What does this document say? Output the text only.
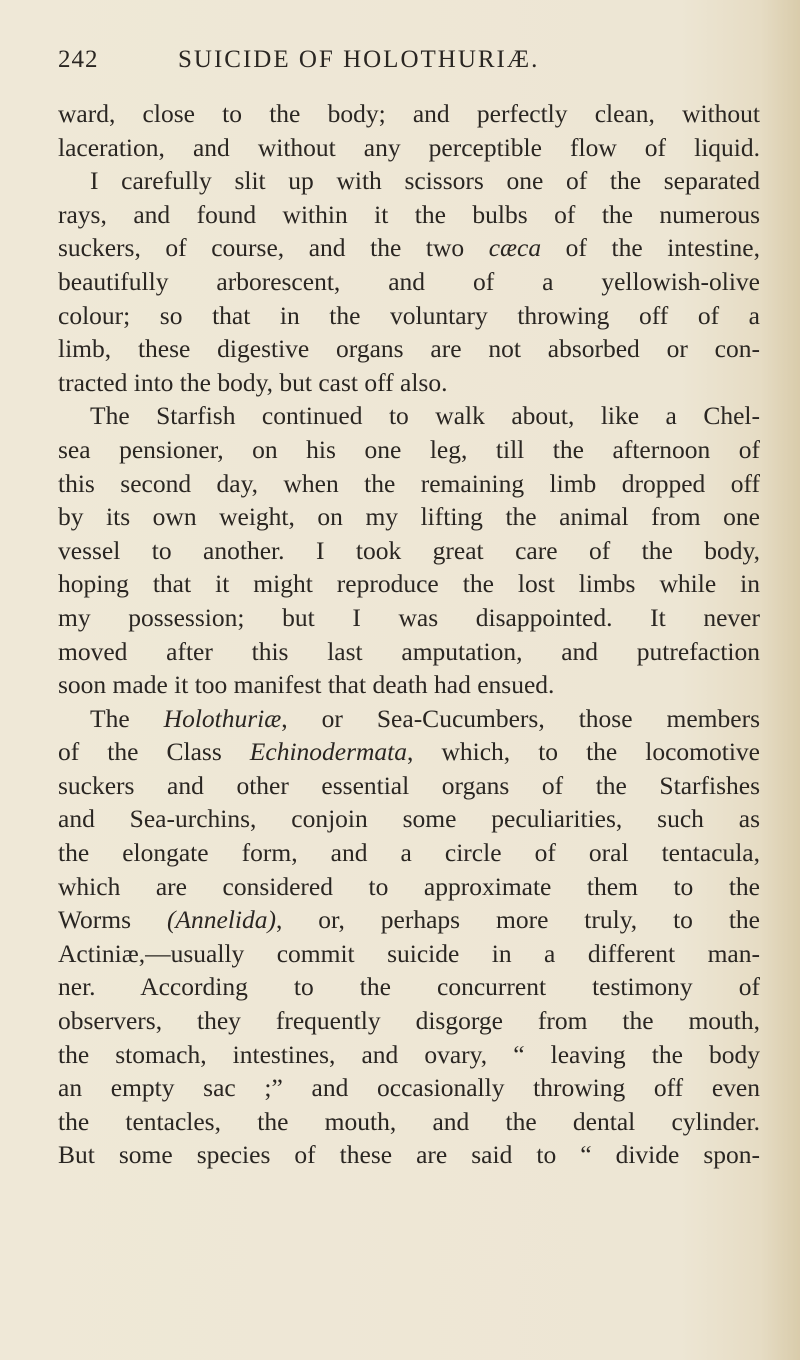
242	SUICIDE OF HOLOTHURIÆ.
ward, close to the body; and perfectly clean, without
laceration, and without any perceptible flow of liquid.
I carefully slit up with scissors one of the separated
rays, and found within it the bulbs of the numerous
suckers, of course, and the two cæca of the intestine,
beautifully arborescent, and of a yellowish-olive
colour; so that in the voluntary throwing off of a
limb, these digestive organs are not absorbed or con-
tracted into the body, but cast off also.
The Starfish continued to walk about, like a Chel-
sea pensioner, on his one leg, till the afternoon of
this second day, when the remaining limb dropped off
by its own weight, on my lifting the animal from one
vessel to another. I took great care of the body,
hoping that it might reproduce the lost limbs while in
my possession; but I was disappointed. It never
moved after this last amputation, and putrefaction
soon made it too manifest that death had ensued.
The Holothuriæ, or Sea-Cucumbers, those members
of the Class Echinodermata, which, to the locomotive
suckers and other essential organs of the Starfishes
and Sea-urchins, conjoin some peculiarities, such as
the elongate form, and a circle of oral tentacula,
which are considered to approximate them to the
Worms (Annelida), or, perhaps more truly, to the
Actiniæ,—usually commit suicide in a different man-
ner. According to the concurrent testimony of
observers, they frequently disgorge from the mouth,
the stomach, intestines, and ovary, “ leaving the body
an empty sac ;” and occasionally throwing off even
the tentacles, the mouth, and the dental cylinder.
But some species of these are said to “ divide spon-
